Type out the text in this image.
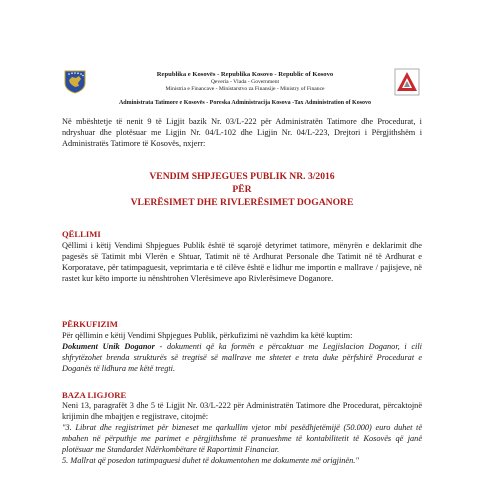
Republika e Kosovës - Republika Kosovo - Republic of Kosovo
Qeveria - Vlada - Government
Ministria e Financave - Ministarstvo za Finansije - Ministry of Finance
Administrata Tatimore e Kosovës - Poreska Administracija Kosova -Tax Administration of Kosovo

Në mbështetje të nenit 9 të Ligjit bazik Nr. 03/L-222 për Administratën Tatimore dhe Procedurat, i ndryshuar dhe plotësuar me Ligjin Nr. 04/L-102 dhe Ligjin Nr. 04/L-223, Drejtori i Përgjithshëm i Administratës Tatimore të Kosovës, nxjerr:

VENDIM SHPJEGUES PUBLIK NR. 3/2016

PËR

VLERËSIMET DHE RIVLERËSIMET DOGANORE

QËLLIMI

Qëllimi i këtij Vendimi Shpjegues Publik është të sqarojë detyrimet tatimore, mënyrën e deklarimit dhe pagesës së Tatimit mbi Vlerën e Shtuar, Tatimit në të Ardhurat Personale dhe Tatimit në të Ardhurat e Korporatave, për tatimpaguesit, veprimtaria e të cilëve është e lidhur me importin e mallrave / pajisjeve, në rastet kur këto importe iu nënshtrohen Vlerësimeve apo Rivlerësimeve Doganore.

PËRKUFIZIM

Për qëllimin e këtij Vendimi Shpjegues Publik, përkufizimi në vazhdim ka këtë kuptim:
Dokument Unik Doganor - dokumenti që ka formën e përcaktuar me Legjislacion Doganor, i cili shfrytëzohet brenda strukturës së tregtisë së mallrave me shtetet e treta duke përfshirë Procedurat e Doganës të lidhura me këtë tregti.

BAZA LIGJORE

Neni 13, paragrafët 3 dhe 5 të Ligjit Nr. 03/L-222 për Administratën Tatimore dhe Procedurat, përcaktojnë krijimin dhe mbajtjen e regjistrave, citojmë:
"3. Librat dhe regjistrimet për bizneset me qarkullim vjetor mbi pesëdhjetëmijë (50.000) euro duhet të mbahen në përputhje me parimet e përgjithshme të pranueshme të kontabilitetit të Kosovës që janë plotësuar me Standardet Ndërkombëtare të Raportimit Financiar.
5. Mallrat që posedon tatimpaguesi duhet të dokumentohen me dokumente më origjinën."
